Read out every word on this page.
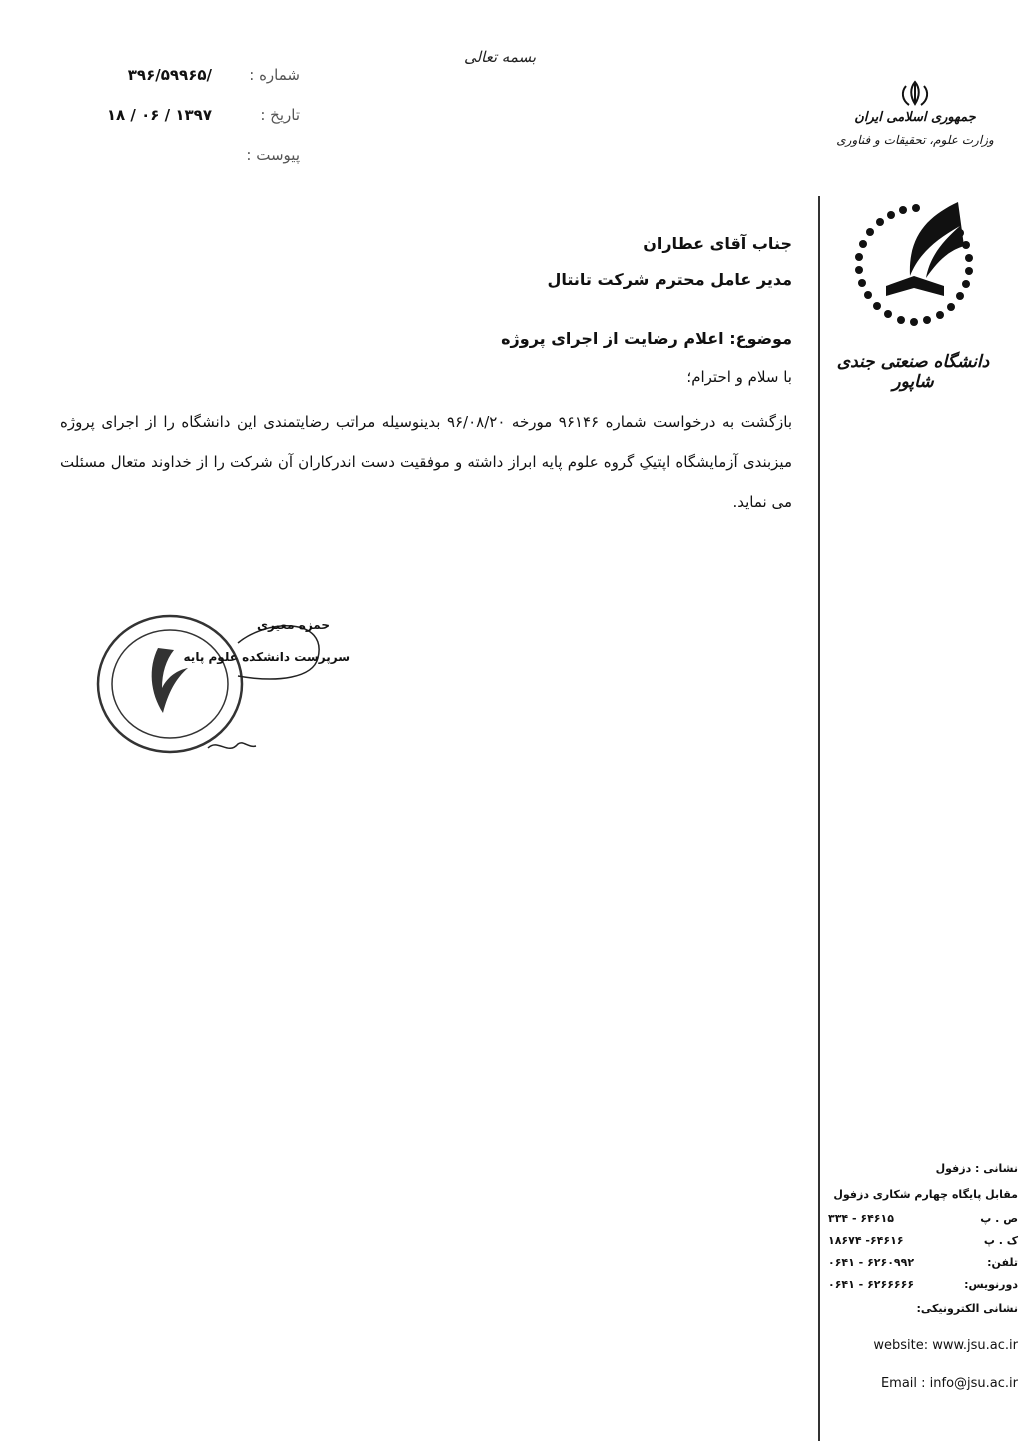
بسمه تعالی
شماره :
/۳۹۶/۵۹۹۶۵
تاریخ :
۱۳۹۷ / ۰۶ / ۱۸
پیوست :
جمهوری اسلامی ایران
وزارت علوم، تحقیقات و فناوری
دانشگاه صنعتی جندی شاپور
جناب آقای عطاران
مدیر عامل محترم شرکت تانتال
موضوع: اعلام رضایت از اجرای پروژه
با سلام و احترام؛
بازگشت به درخواست شماره ۹۶۱۴۶ مورخه ۹۶/۰۸/۲۰ بدینوسیله مراتب رضایتمندی این دانشگاه را از اجرای پروژه میزبندی آزمایشگاه اپتیکِ گروه علوم پایه ابراز داشته و موفقیت دست اندرکاران آن شرکت را از خداوند متعال مسئلت می نماید.
حمزه معیری
سرپرست دانشکده علوم پایه
نشانی : دزفول
مقابل پایگاه چهارم شکاری دزفول
ص . پ
۳۳۴ - ۶۴۶۱۵
ک . پ
۱۸۶۷۴ -۶۴۶۱۶
تلفن:
۰۶۴۱ - ۶۲۶۰۹۹۲
دورنویس:
۰۶۴۱ - ۶۲۶۶۶۶۶
نشانی الکترونیکی:
website: www.jsu.ac.ir
Email : info@jsu.ac.ir
